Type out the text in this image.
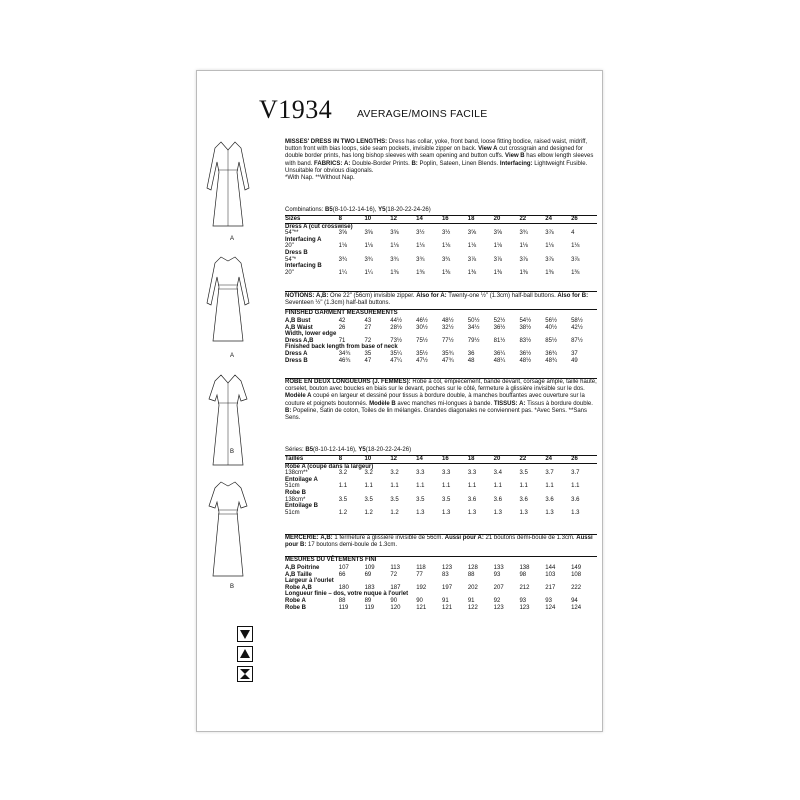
V1934 AVERAGE/MOINS FACILE
A
A
B
B
MISSES' DRESS IN TWO LENGTHS: Dress has collar, yoke, front band, loose fitting bodice, raised waist, midriff, button front with bias loops, side seam pockets, invisible zipper on back. View A cut crossgrain and designed for double border prints, has long bishop sleeves with seam opening and button cuffs. View B has elbow length sleeves with band. FABRICS: A: Double-Border Prints. B: Poplin, Sateen, Linen Blends. Interfacing: Lightweight Fusible. Unsuitable for obvious diagonals.
*With Nap. **Without Nap.
Combinations: B5(8-10-12-14-16), Y5(18-20-22-24-26)
Sizes	8	10	12	14	16	18	20	22	24	26
Dress A (cut crosswise)										
54"**	3⅝	3⅝	3⅝	3½	3½	3⅝	3⅝	3¾	3⅞	4
Interfacing A										
20"	1⅛	1⅛	1⅛	1⅛	1⅛	1⅛	1⅛	1⅛	1⅛	1⅛
Dress B										
54"*	3¾	3¾	3¾	3¾	3¾	3⅞	3⅞	3⅞	3⅞	3⅞
Interfacing B										
20"	1¼	1¼	1⅜	1⅜	1⅜	1⅜	1⅜	1⅜	1⅜	1⅜
NOTIONS: A,B: One 22" (56cm) invisible zipper. Also for A: Twenty-one ½" (1.3cm) half-ball buttons. Also for B: Seventeen ½" (1.3cm) half-ball buttons.
FINISHED GARMENT MEASUREMENTS
A,B Bust	42	43	44½	46½	48½	50½	52½	54½	56½	58½
A,B Waist	26	27	28½	30½	32½	34½	36½	38½	40½	42½
Width, lower edge										
Dress A,B	71	72	73½	75½	77½	79½	81½	83½	85½	87½
Finished back length from base of neck										
Dress A	34¾	35	35¼	35½	35¾	36	36¼	36½	36¾	37
Dress B	46¾	47	47¼	47½	47¾	48	48¼	48½	48¾	49
ROBE EN DEUX LONGUEURS (J. FEMMES): Robe à col, empiècement, bande devant, corsage ample, taille haute, corselet, bouton avec boucles en biais sur le devant, poches sur le côté, fermeture à glissière invisible sur le dos. Modèle A coupé en largeur et dessiné pour tissus à bordure double, à manches bouffantes avec ouverture sur la couture et poignets boutonnés. Modèle B avec manches mi-longues à bande. TISSUS: A: Tissus à bordure double. B: Popeline, Satin de coton, Toiles de lin mélangés. Grandes diagonales ne conviennent pas. *Avec Sens. **Sans Sens.
Séries: B5(8-10-12-14-16), Y5(18-20-22-24-26)
Tailles	8	10	12	14	16	18	20	22	24	26
Robe A (coupé dans la largeur)										
138cm**	3.2	3.2	3.2	3.3	3.3	3.3	3.4	3.5	3.7	3.7
Entoilage A										
51cm	1.1	1.1	1.1	1.1	1.1	1.1	1.1	1.1	1.1	1.1
Robe B										
138cm*	3.5	3.5	3.5	3.5	3.5	3.6	3.6	3.6	3.6	3.6
Entoilage B										
51cm	1.2	1.2	1.2	1.3	1.3	1.3	1.3	1.3	1.3	1.3
MERCERIE: A,B: 1 fermeture à glissière invisible de 56cm. Aussi pour A: 21 boutons demi-boule de 1.3cm. Aussi pour B: 17 boutons demi-boule de 1.3cm.
MESURES DU VÊTEMENTS FINI
A,B Poitrine	107	109	113	118	123	128	133	138	144	149
A,B Taille	66	69	72	77	83	88	93	98	103	108
Largeur à l'ourlet										
Robe A,B	180	183	187	192	197	202	207	212	217	222
Longueur finie – dos, votre nuque à l'ourlet										
Robe A	88	89	90	90	91	91	92	93	93	94
Robe B	119	119	120	121	121	122	123	123	124	124
